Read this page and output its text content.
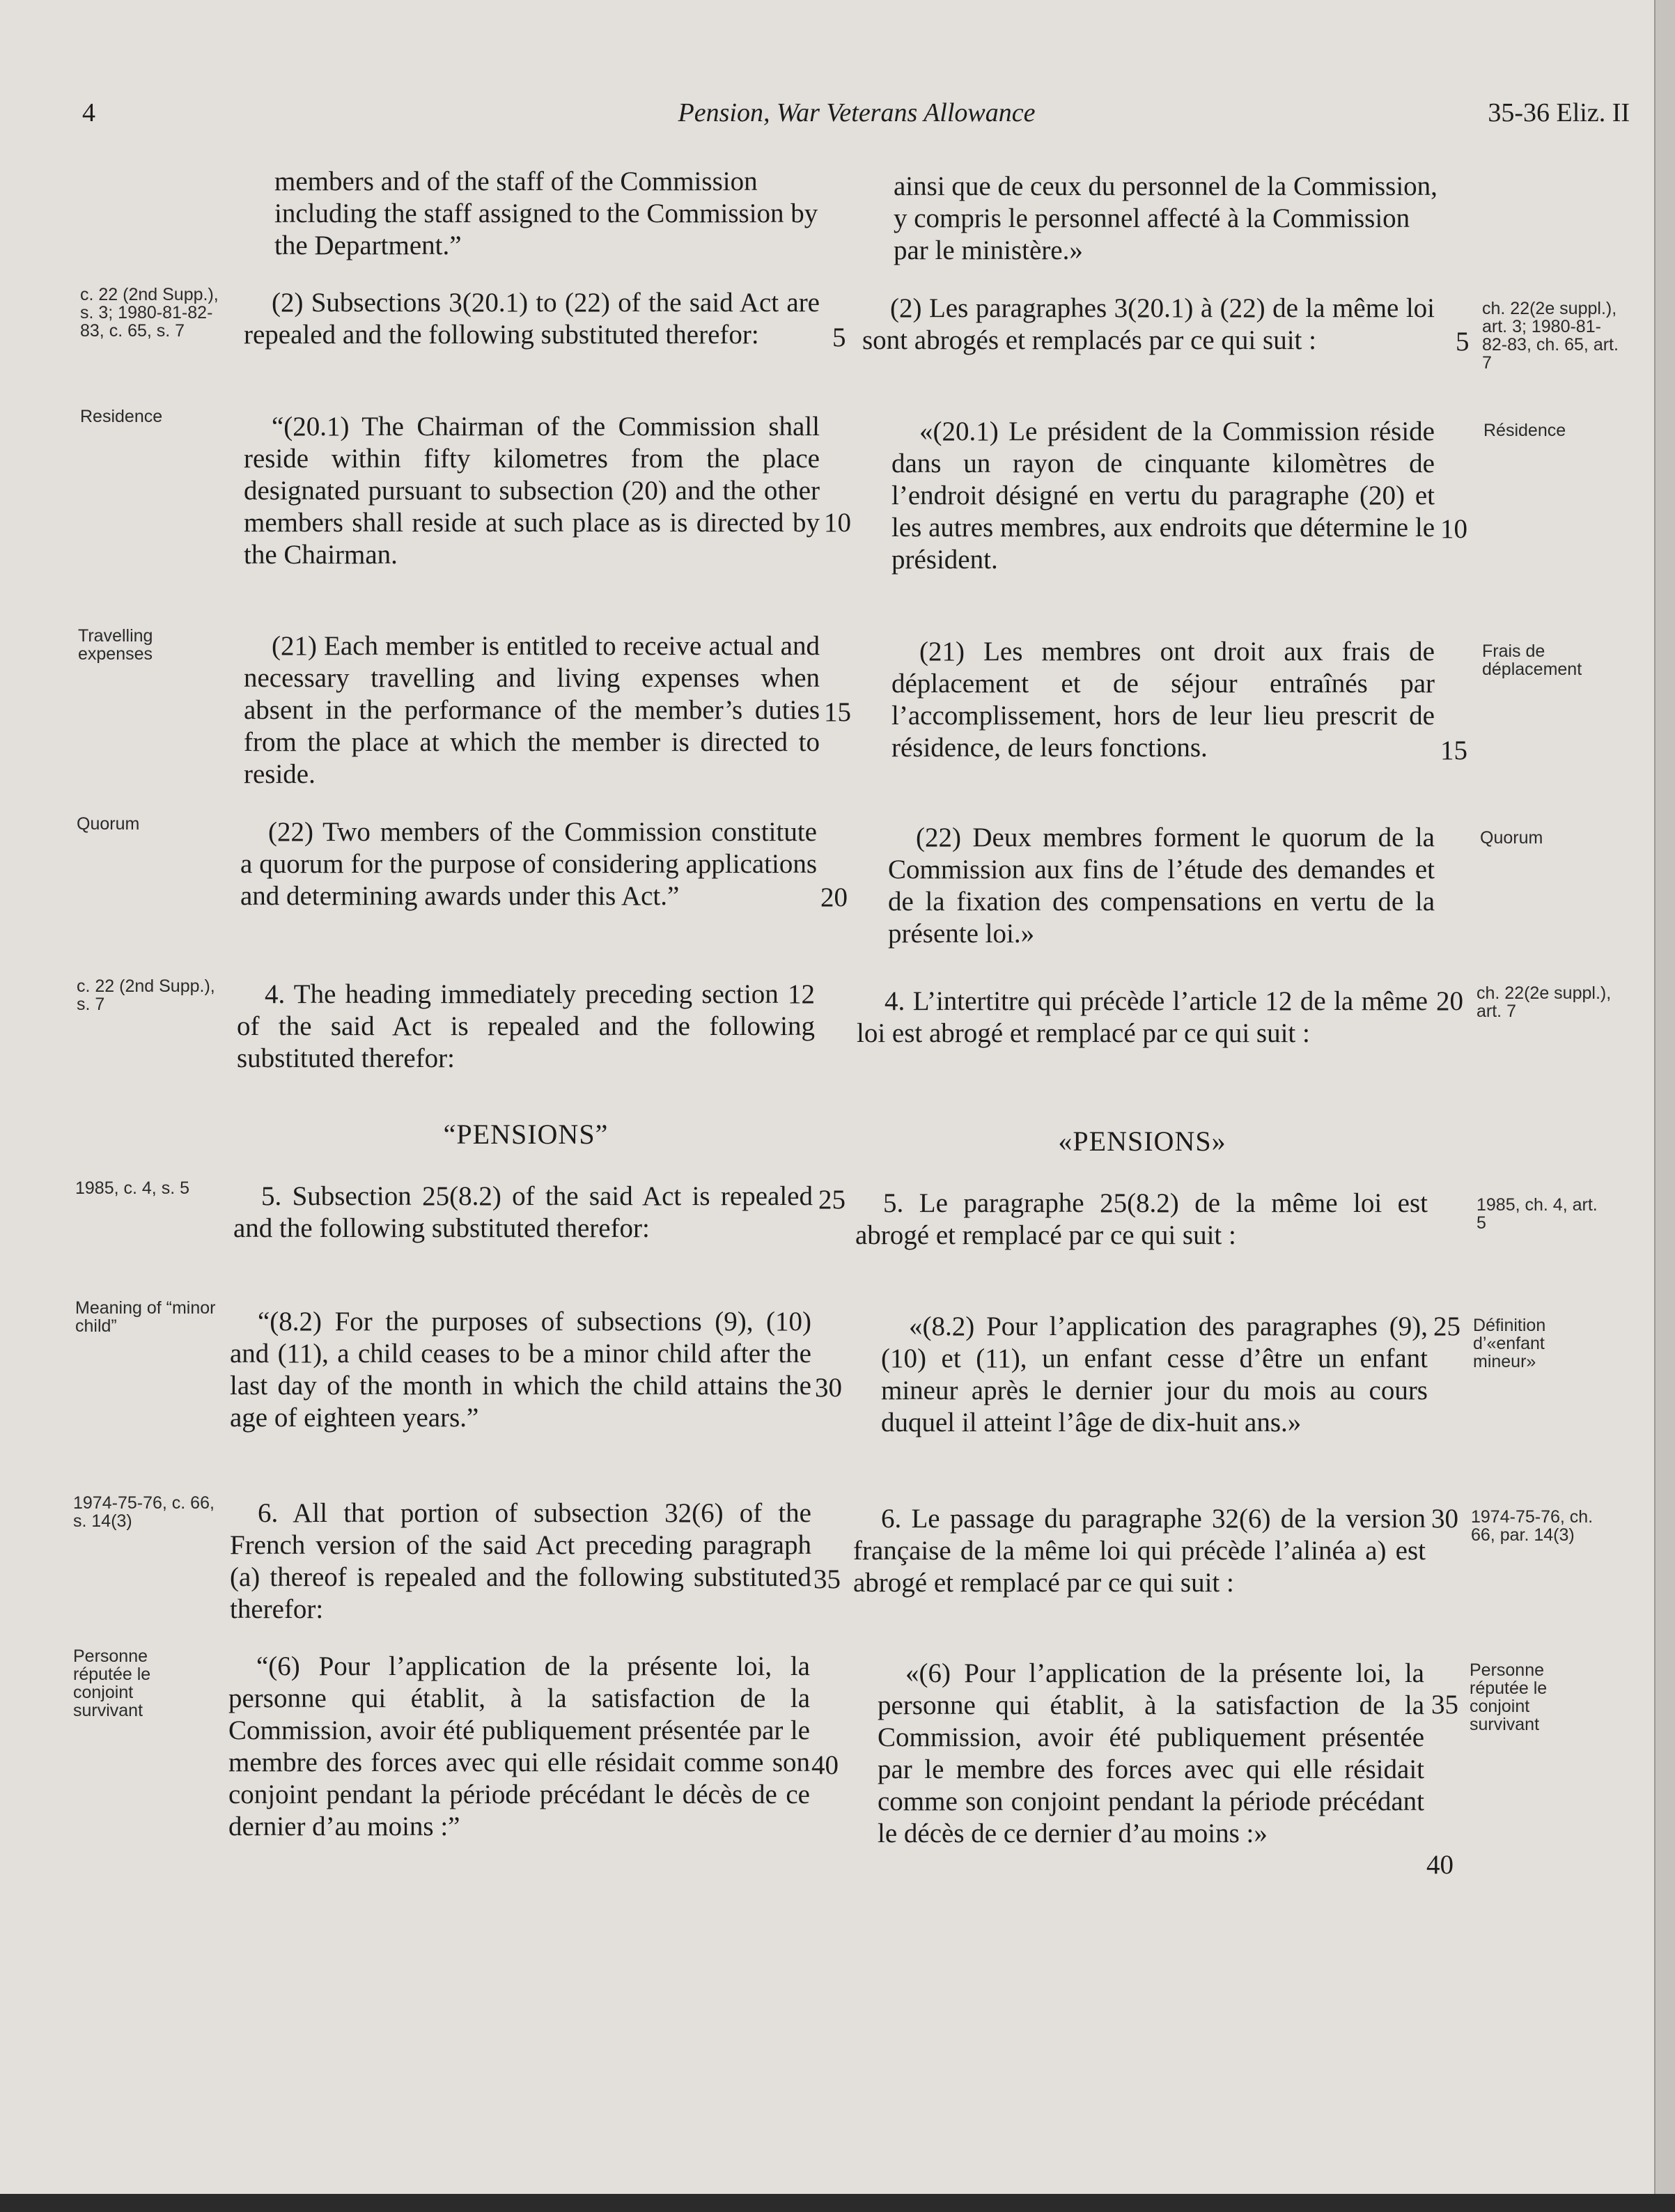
4	Pension, War Veterans Allowance	35-36 Eliz. II
members and of the staff of the Commission including the staff assigned to the Commission by the Department.”
(2) Subsections 3(20.1) to (22) of the said Act are repealed and the following substituted therefor:
“(20.1) The Chairman of the Commission shall reside within fifty kilometres from the place designated pursuant to subsection (20) and the other members shall reside at such place as is directed by the Chairman.
(21) Each member is entitled to receive actual and necessary travelling and living expenses when absent in the performance of the member’s duties from the place at which the member is directed to reside.
(22) Two members of the Commission constitute a quorum for the purpose of considering applications and determining awards under this Act.”
4. The heading immediately preceding section 12 of the said Act is repealed and the following substituted therefor:
“PENSIONS”
5. Subsection 25(8.2) of the said Act is repealed and the following substituted therefor:
“(8.2) For the purposes of subsections (9), (10) and (11), a child ceases to be a minor child after the last day of the month in which the child attains the age of eighteen years.”
6. All that portion of subsection 32(6) of the French version of the said Act preceding paragraph (a) thereof is repealed and the following substituted therefor:
“(6) Pour l’application de la présente loi, la personne qui établit, à la satisfaction de la Commission, avoir été publiquement présentée par le membre des forces avec qui elle résidait comme son conjoint pendant la période précédant le décès de ce dernier d’au moins :”
5
10
15
20
25
30
35
40
ainsi que de ceux du personnel de la Commission, y compris le personnel affecté à la Commission par le ministère.»
(2) Les paragraphes 3(20.1) à (22) de la même loi sont abrogés et remplacés par ce qui suit :
«(20.1) Le président de la Commission réside dans un rayon de cinquante kilomètres de l’endroit désigné en vertu du paragraphe (20) et les autres membres, aux endroits que détermine le président.
(21) Les membres ont droit aux frais de déplacement et de séjour entraînés par l’accomplissement, hors de leur lieu prescrit de résidence, de leurs fonctions.
(22) Deux membres forment le quorum de la Commission aux fins de l’étude des demandes et de la fixation des compensations en vertu de la présente loi.»
4. L’intertitre qui précède l’article 12 de la même loi est abrogé et remplacé par ce qui suit :
«PENSIONS»
5. Le paragraphe 25(8.2) de la même loi est abrogé et remplacé par ce qui suit :
«(8.2) Pour l’application des paragraphes (9), (10) et (11), un enfant cesse d’être un enfant mineur après le dernier jour du mois au cours duquel il atteint l’âge de dix-huit ans.»
6. Le passage du paragraphe 32(6) de la version française de la même loi qui précède l’alinéa a) est abrogé et remplacé par ce qui suit :
«(6) Pour l’application de la présente loi, la personne qui établit, à la satisfaction de la Commission, avoir été publiquement présentée par le membre des forces avec qui elle résidait comme son conjoint pendant la période précédant le décès de ce dernier d’au moins :»
5
10
15
20
25
30
35
40
c. 22 (2nd Supp.), s. 3; 1980-81-82-83, c. 65, s. 7
Residence
Travelling expenses
Quorum
c. 22 (2nd Supp.), s. 7
1985, c. 4, s. 5
Meaning of “minor child”
1974-75-76, c. 66, s. 14(3)
Personne réputée le conjoint survivant
ch. 22(2e suppl.), art. 3; 1980-81-82-83, ch. 65, art. 7
Résidence
Frais de déplacement
Quorum
ch. 22(2e suppl.), art. 7
1985, ch. 4, art. 5
Définition d’«enfant mineur»
1974-75-76, ch. 66, par. 14(3)
Personne réputée le conjoint survivant
